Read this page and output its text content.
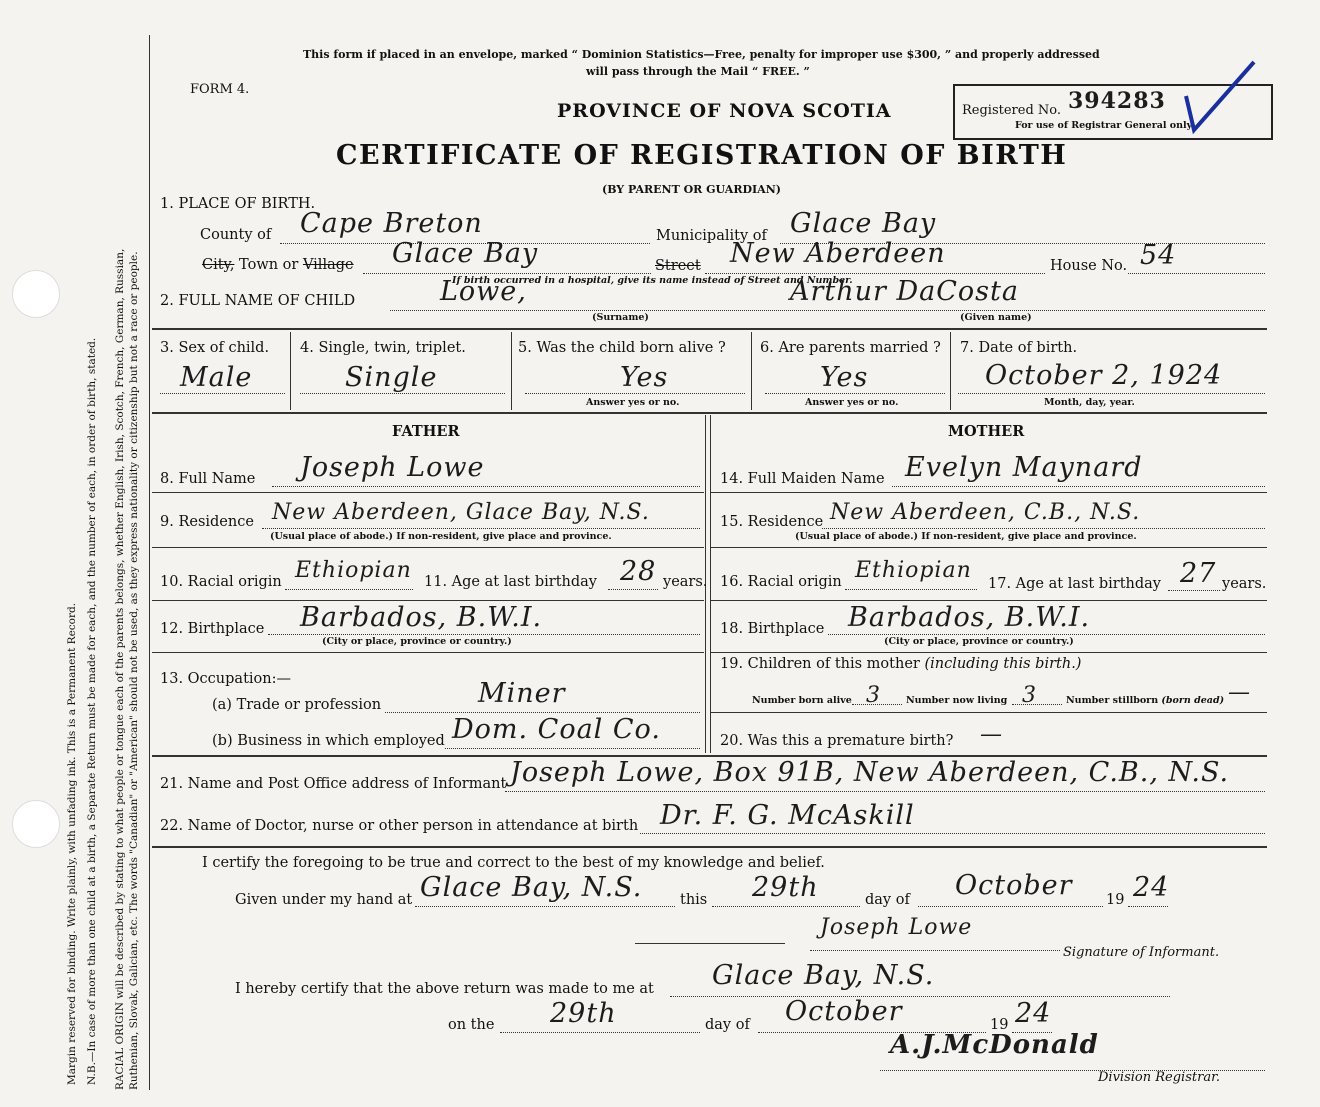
Margin reserved for binding. Write plainly, with unfading ink. This is a Permanent Record. N.B.—In case of more than one child at a birth, a Separate Return must be made for each, and the number of each, in order of birth, stated. RACIAL ORIGIN will be described by stating to what people or tongue each of the parents belongs, whether English, Irish, Scotch, French, German, Russian, Ruthenian, Slovak, Galician, etc. The words "Canadian" or "American" should not be used, as they express nationality or citizenship but not a race or people.
This form if placed in an envelope, marked “ Dominion Statistics—Free, penalty for improper use $300, ” and properly addressed
will pass through the Mail “ FREE. ”
FORM 4.
PROVINCE OF NOVA SCOTIA
CERTIFICATE OF REGISTRATION OF BIRTH
(BY PARENT OR GUARDIAN)
Registered No. 394283
For use of Registrar General only
1. PLACE OF BIRTH.
County of Cape Breton	Municipality of Glace Bay
City, Town or Village Glace Bay	Street New Aberdeen	House No. 54
If birth occurred in a hospital, give its name instead of Street and Number.
2. FULL NAME OF CHILD	Lowe,	Arthur DaCosta
(Surname)	(Given name)
3. Sex of child.
Male
4. Single, twin, triplet.
Single
5. Was the child born alive ?
Yes
Answer yes or no.
6. Are parents married ?
Yes
Answer yes or no.
7. Date of birth.
October 2, 1924
Month, day, year.
FATHER	MOTHER
8. Full Name Joseph Lowe
9. Residence New Aberdeen, Glace Bay, N.S.
(Usual place of abode.) If non-resident, give place and province.
10. Racial origin Ethiopian 11. Age at last birthday 28 years.
12. Birthplace Barbados, B.W.I.
(City or place, province or country.)
13. Occupation:—
(a) Trade or profession	Miner
(b) Business in which employed Dom. Coal Co.
14. Full Maiden Name Evelyn Maynard
15. Residence New Aberdeen, C.B., N.S.
(Usual place of abode.) If non-resident, give place and province.
16. Racial origin Ethiopian
17. Age at last birthday 27 years.
18. Birthplace Barbados, B.W.I.
(City or place, province or country.)
19. Children of this mother (including this birth.)
Number born alive 3	Number now living 3	Number stillborn (born dead) —
20. Was this a premature birth? —
21. Name and Post Office address of Informant Joseph Lowe, Box 91B, New Aberdeen, C.B., N.S.
22. Name of Doctor, nurse or other person in attendance at birth Dr. F. G. McAskill
I certify the foregoing to be true and correct to the best of my knowledge and belief.
Given under my hand at Glace Bay, N.S.	this 29th	day of October 19 24
Joseph Lowe
Signature of Informant.
I hereby certify that the above return was made to me at Glace Bay, N.S.
on the 29th	day of October	19 24
A.J.McDonald
Division Registrar.
